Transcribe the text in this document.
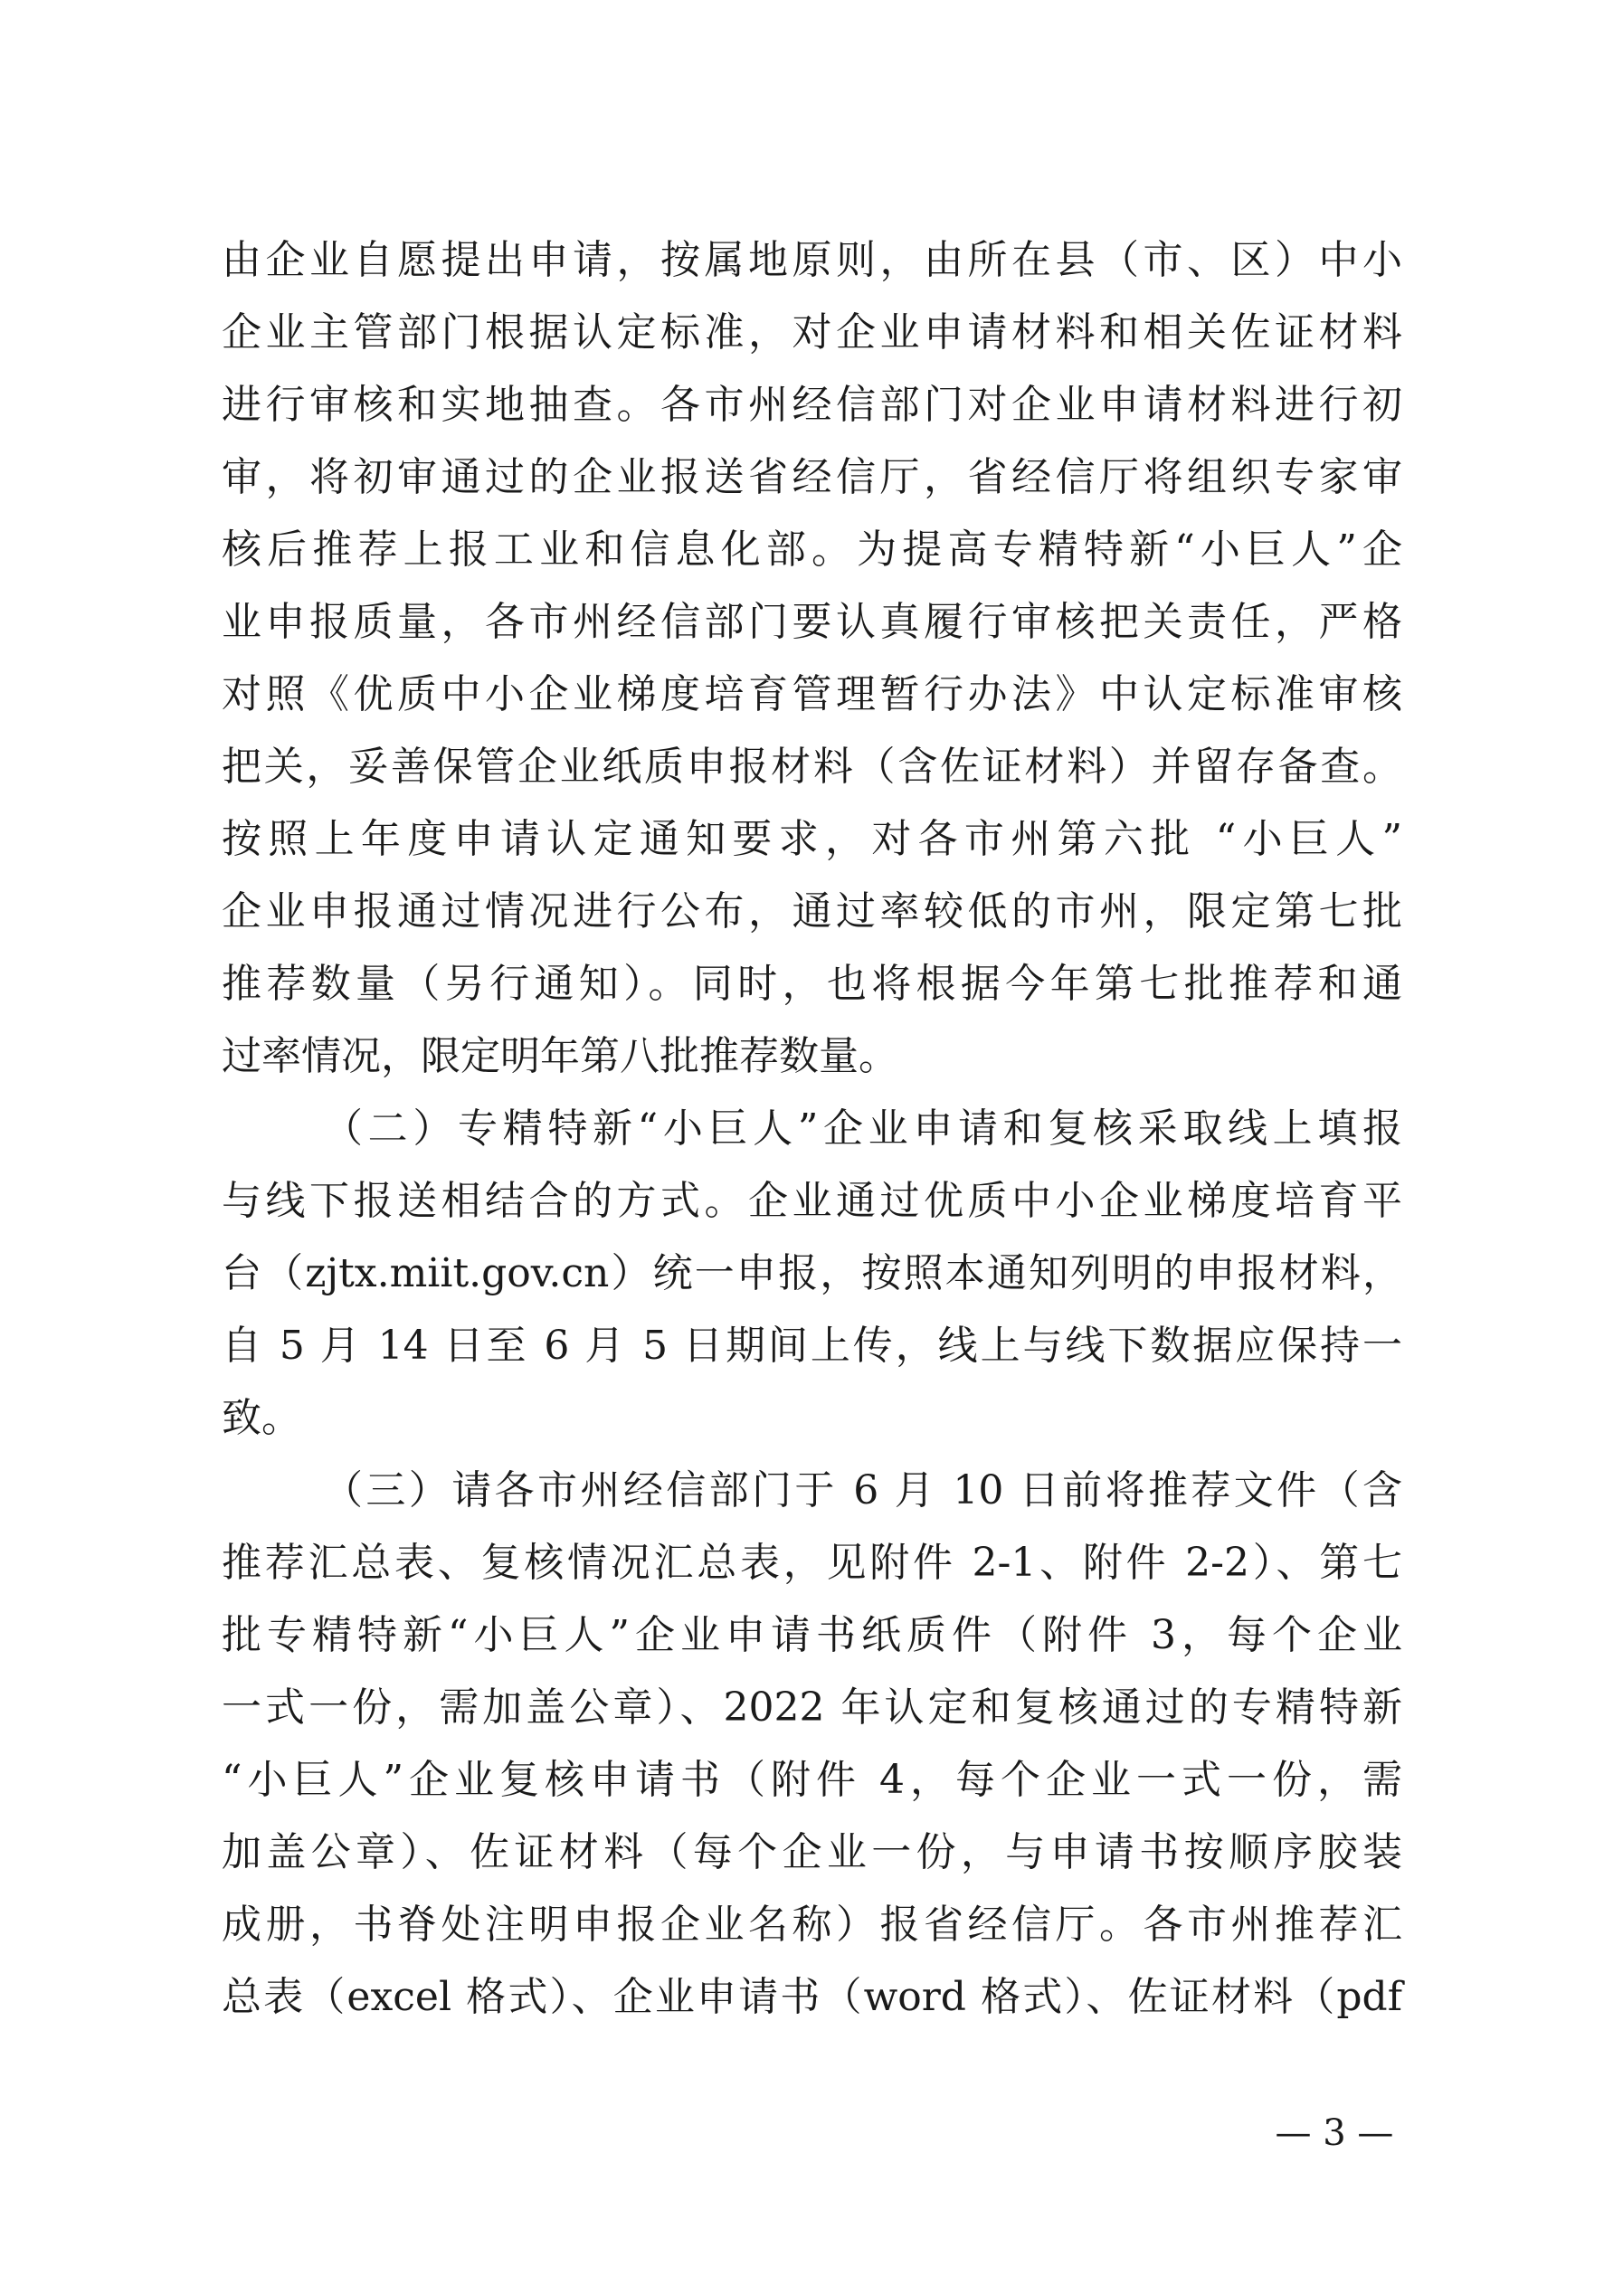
由企业自愿提出申请，按属地原则，由所在县（市、区）中小
企业主管部门根据认定标准，对企业申请材料和相关佐证材料
进行审核和实地抽查。各市州经信部门对企业申请材料进行初
审，将初审通过的企业报送省经信厅，省经信厅将组织专家审
核后推荐上报工业和信息化部。为提高专精特新“小巨人”企
业申报质量，各市州经信部门要认真履行审核把关责任，严格
对照《优质中小企业梯度培育管理暂行办法》中认定标准审核
把关，妥善保管企业纸质申报材料（含佐证材料）并留存备查。
按照上年度申请认定通知要求，对各市州第六批 “小巨人”
企业申报通过情况进行公布，通过率较低的市州，限定第七批
推荐数量（另行通知）。同时，也将根据今年第七批推荐和通
过率情况，限定明年第八批推荐数量。
（二）专精特新“小巨人”企业申请和复核采取线上填报
与线下报送相结合的方式。企业通过优质中小企业梯度培育平
台（zjtx.miit.gov.cn）统一申报，按照本通知列明的申报材料，
自 5 月 14 日至 6 月 5 日期间上传，线上与线下数据应保持一
致。
（三）请各市州经信部门于 6 月 10 日前将推荐文件（含
推荐汇总表、复核情况汇总表，见附件 2-1、附件 2-2）、第七
批专精特新“小巨人”企业申请书纸质件（附件 3，每个企业
一式一份，需加盖公章）、2022 年认定和复核通过的专精特新
“小巨人”企业复核申请书（附件 4，每个企业一式一份，需
加盖公章）、佐证材料（每个企业一份，与申请书按顺序胶装
成册，书脊处注明申报企业名称）报省经信厅。各市州推荐汇
总表（excel 格式）、企业申请书（word 格式）、佐证材料（pdf
— 3 —
